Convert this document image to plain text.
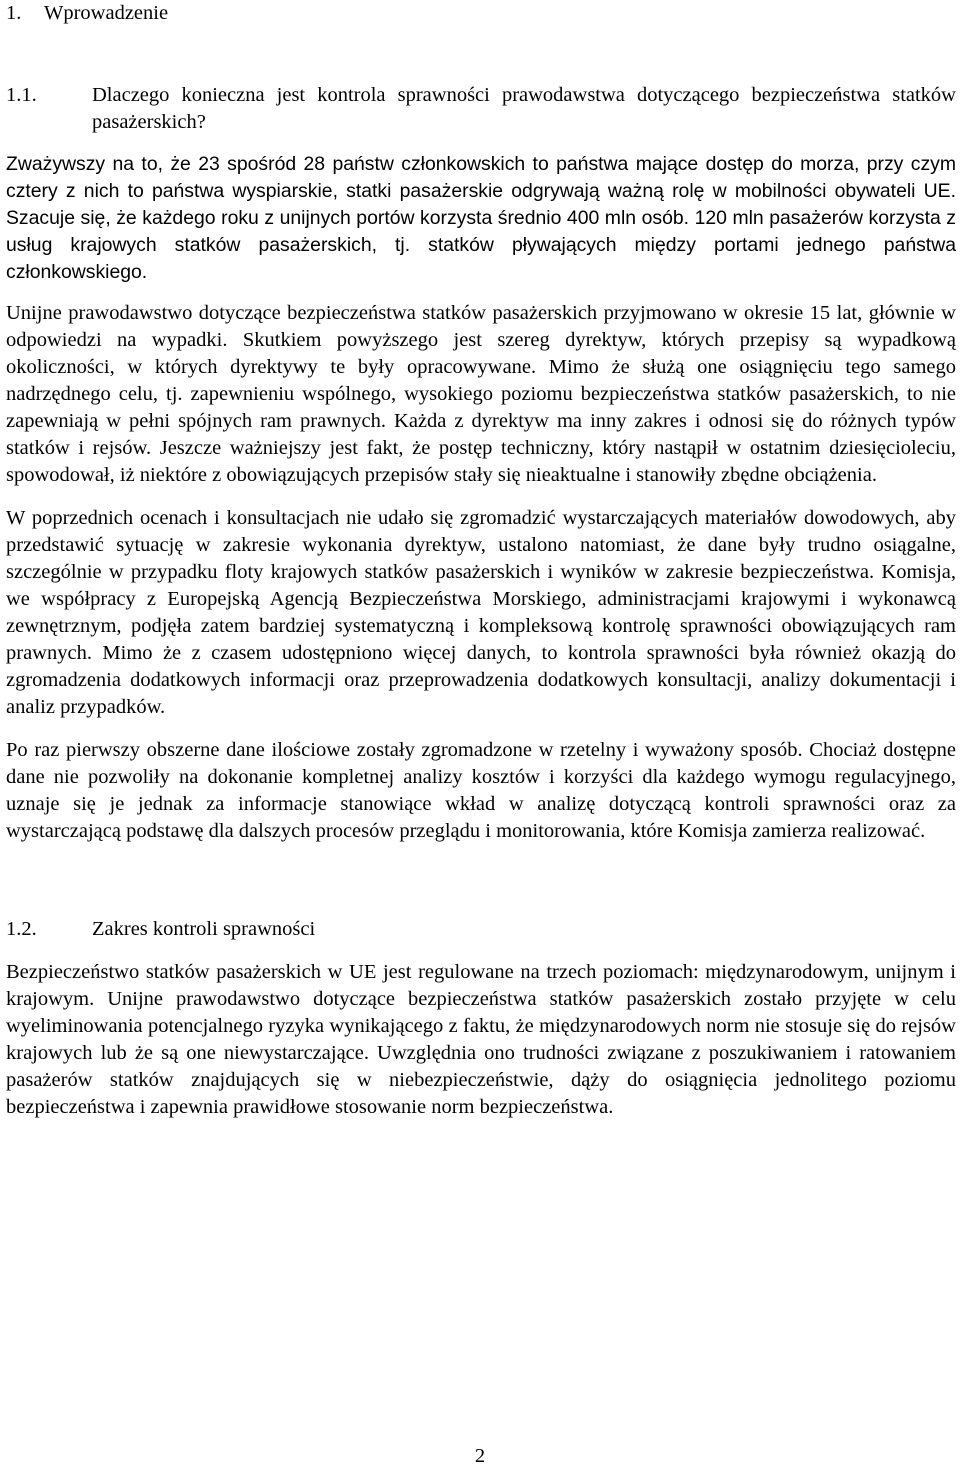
1.	Wprowadzenie
1.1.	Dlaczego konieczna jest kontrola sprawności prawodawstwa dotyczącego bezpieczeństwa statków pasażerskich?

Zważywszy na to, że 23 spośród 28 państw członkowskich to państwa mające dostęp do morza, przy czym cztery z nich to państwa wyspiarskie, statki pasażerskie odgrywają ważną rolę w mobilności obywateli UE. Szacuje się, że każdego roku z unijnych portów korzysta średnio 400 mln osób. 120 mln pasażerów korzysta z usług krajowych statków pasażerskich, tj. statków pływających między portami jednego państwa członkowskiego.

Unijne prawodawstwo dotyczące bezpieczeństwa statków pasażerskich przyjmowano w okresie 15 lat, głównie w odpowiedzi na wypadki. Skutkiem powyższego jest szereg dyrektyw, których przepisy są wypadkową okoliczności, w których dyrektywy te były opracowywane. Mimo że służą one osiągnięciu tego samego nadrzędnego celu, tj. zapewnieniu wspólnego, wysokiego poziomu bezpieczeństwa statków pasażerskich, to nie zapewniają w pełni spójnych ram prawnych. Każda z dyrektyw ma inny zakres i odnosi się do różnych typów statków i rejsów. Jeszcze ważniejszy jest fakt, że postęp techniczny, który nastąpił w ostatnim dziesięcioleciu, spowodował, iż niektóre z obowiązujących przepisów stały się nieaktualne i stanowiły zbędne obciążenia.

W poprzednich ocenach i konsultacjach nie udało się zgromadzić wystarczających materiałów dowodowych, aby przedstawić sytuację w zakresie wykonania dyrektyw, ustalono natomiast, że dane były trudno osiągalne, szczególnie w przypadku floty krajowych statków pasażerskich i wyników w zakresie bezpieczeństwa. Komisja, we współpracy z Europejską Agencją Bezpieczeństwa Morskiego, administracjami krajowymi i wykonawcą zewnętrznym, podjęła zatem bardziej systematyczną i kompleksową kontrolę sprawności obowiązujących ram prawnych. Mimo że z czasem udostępniono więcej danych, to kontrola sprawności była również okazją do zgromadzenia dodatkowych informacji oraz przeprowadzenia dodatkowych konsultacji, analizy dokumentacji i analiz przypadków.

Po raz pierwszy obszerne dane ilościowe zostały zgromadzone w rzetelny i wyważony sposób. Chociaż dostępne dane nie pozwoliły na dokonanie kompletnej analizy kosztów i korzyści dla każdego wymogu regulacyjnego, uznaje się je jednak za informacje stanowiące wkład w analizę dotyczącą kontroli sprawności oraz za wystarczającą podstawę dla dalszych procesów przeglądu i monitorowania, które Komisja zamierza realizować.

1.2.	Zakres kontroli sprawności

Bezpieczeństwo statków pasażerskich w UE jest regulowane na trzech poziomach: międzynarodowym, unijnym i krajowym. Unijne prawodawstwo dotyczące bezpieczeństwa statków pasażerskich zostało przyjęte w celu wyeliminowania potencjalnego ryzyka wynikającego z faktu, że międzynarodowych norm nie stosuje się do rejsów krajowych lub że są one niewystarczające. Uwzględnia ono trudności związane z poszukiwaniem i ratowaniem pasażerów statków znajdujących się w niebezpieczeństwie, dąży do osiągnięcia jednolitego poziomu bezpieczeństwa i zapewnia prawidłowe stosowanie norm bezpieczeństwa.

2
